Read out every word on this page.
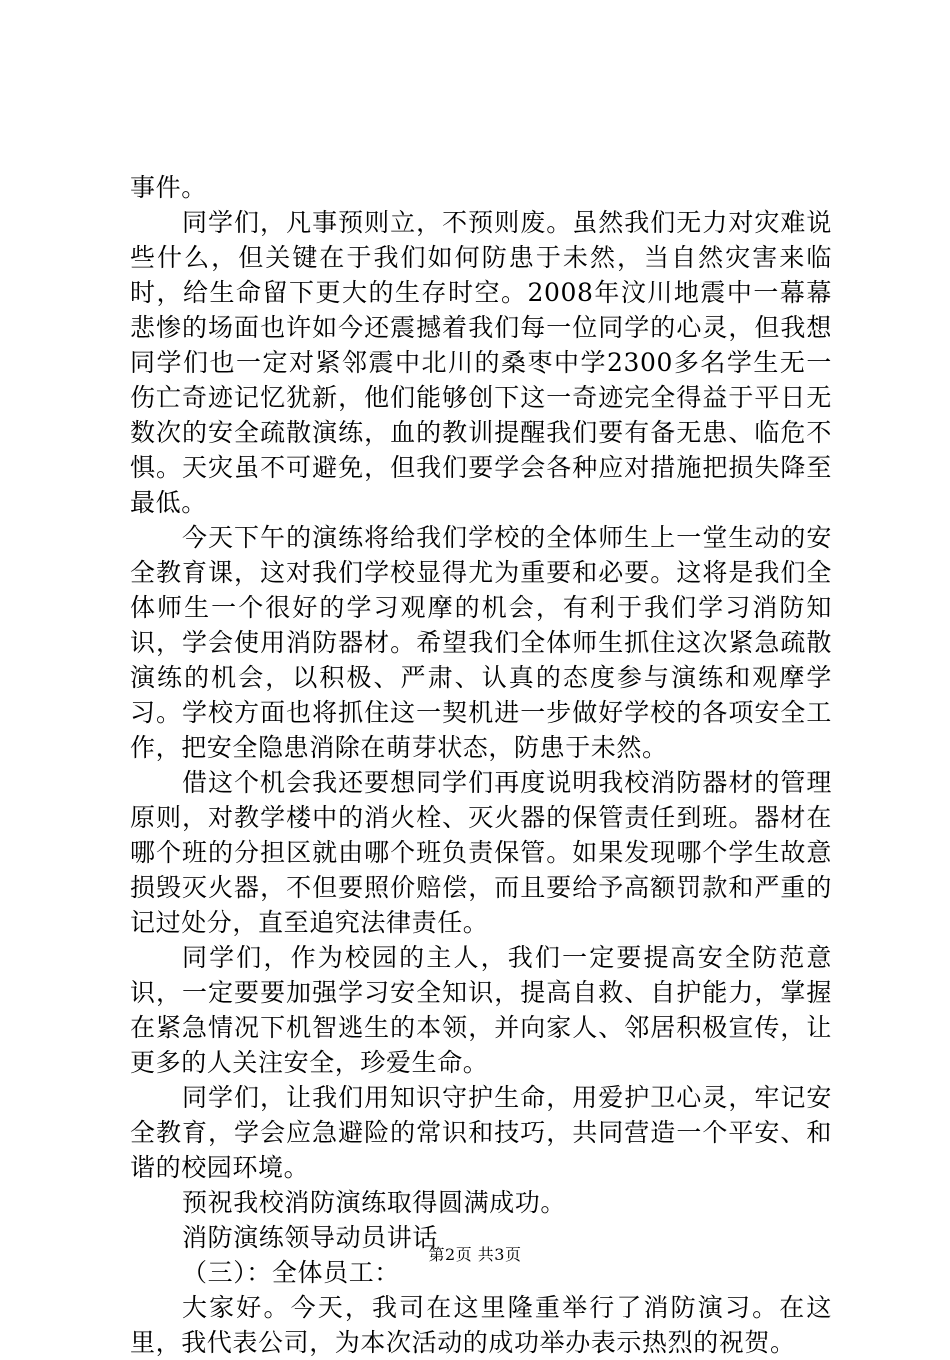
事件。

同学们，凡事预则立，不预则废。虽然我们无力对灾难说些什么，但关键在于我们如何防患于未然，当自然灾害来临时，给生命留下更大的生存时空。2008年汶川地震中一幕幕悲惨的场面也许如今还震撼着我们每一位同学的心灵，但我想同学们也一定对紧邻震中北川的桑枣中学2300多名学生无一伤亡奇迹记忆犹新，他们能够创下这一奇迹完全得益于平日无数次的安全疏散演练，血的教训提醒我们要有备无患、临危不惧。天灾虽不可避免，但我们要学会各种应对措施把损失降至最低。

今天下午的演练将给我们学校的全体师生上一堂生动的安全教育课，这对我们学校显得尤为重要和必要。这将是我们全体师生一个很好的学习观摩的机会，有利于我们学习消防知识，学会使用消防器材。希望我们全体师生抓住这次紧急疏散演练的机会，以积极、严肃、认真的态度参与演练和观摩学习。学校方面也将抓住这一契机进一步做好学校的各项安全工作，把安全隐患消除在萌芽状态，防患于未然。

借这个机会我还要想同学们再度说明我校消防器材的管理原则，对教学楼中的消火栓、灭火器的保管责任到班。器材在哪个班的分担区就由哪个班负责保管。如果发现哪个学生故意损毁灭火器，不但要照价赔偿，而且要给予高额罚款和严重的记过处分，直至追究法律责任。

同学们，作为校园的主人，我们一定要提高安全防范意识，一定要要加强学习安全知识，提高自救、自护能力，掌握在紧急情况下机智逃生的本领，并向家人、邻居积极宣传，让更多的人关注安全，珍爱生命。

同学们，让我们用知识守护生命，用爱护卫心灵，牢记安全教育，学会应急避险的常识和技巧，共同营造一个平安、和谐的校园环境。

预祝我校消防演练取得圆满成功。

消防演练领导动员讲话

（三）：全体员工：

大家好。今天，我司在这里隆重举行了消防演习。在这里，我代表公司，为本次活动的成功举办表示热烈的祝贺。

第2页 共3页
